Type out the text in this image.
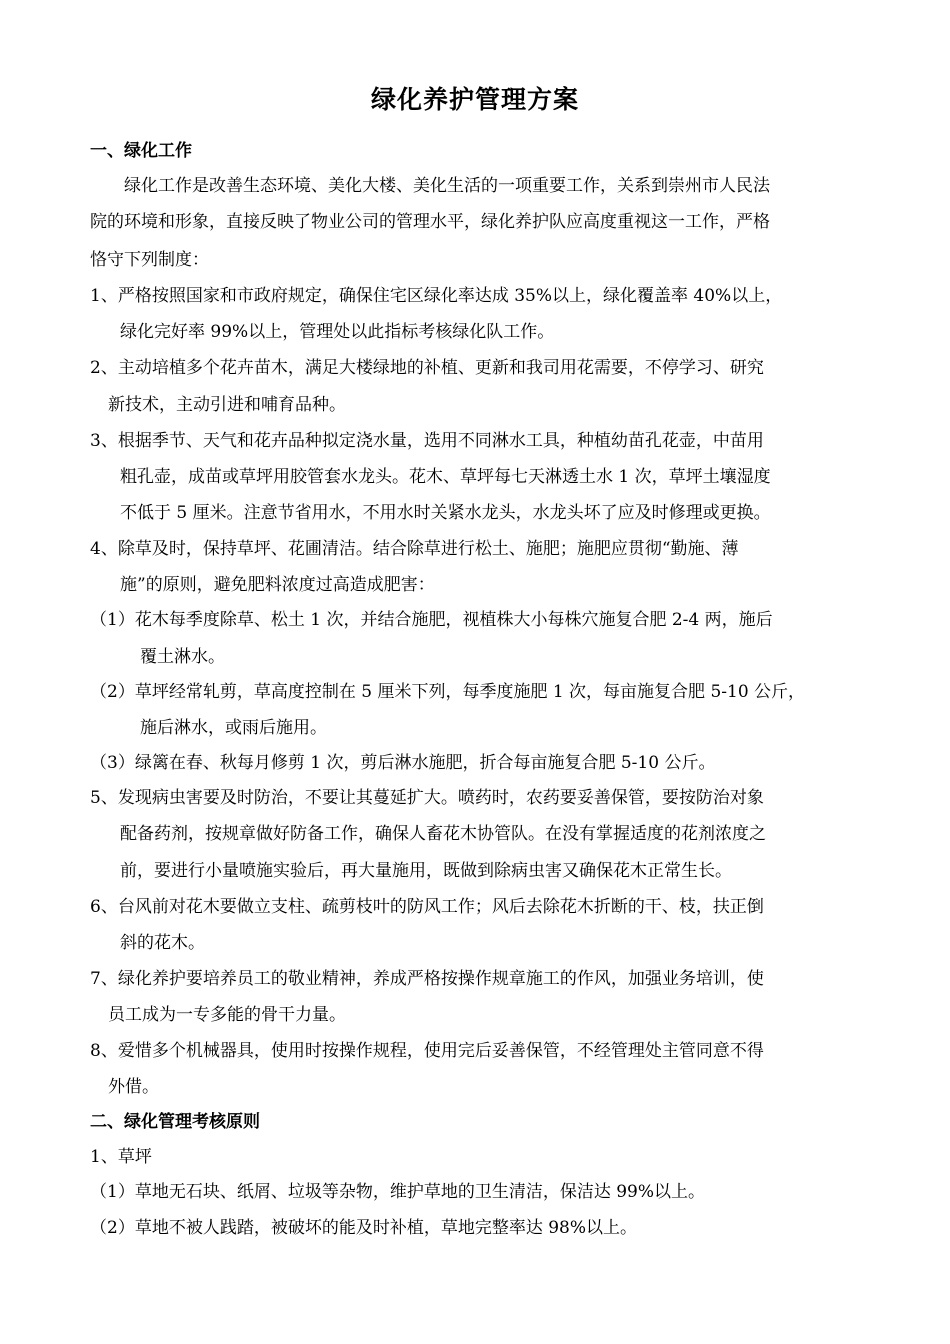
绿化养护管理方案
一、绿化工作
绿化工作是改善生态环境、美化大楼、美化生活的一项重要工作，关系到崇州市人民法
院的环境和形象，直接反映了物业公司的管理水平，绿化养护队应高度重视这一工作，严格
恪守下列制度：
1、严格按照国家和市政府规定，确保住宅区绿化率达成 35%以上，绿化覆盖率 40%以上，
绿化完好率 99%以上，管理处以此指标考核绿化队工作。
2、主动培植多个花卉苗木，满足大楼绿地的补植、更新和我司用花需要，不停学习、研究
新技术，主动引进和哺育品种。
3、根据季节、天气和花卉品种拟定浇水量，选用不同淋水工具，种植幼苗孔花壶，中苗用
粗孔壶，成苗或草坪用胶管套水龙头。花木、草坪每七天淋透土水 1 次，草坪土壤湿度
不低于 5 厘米。注意节省用水，不用水时关紧水龙头，水龙头坏了应及时修理或更换。
4、除草及时，保持草坪、花圃清洁。结合除草进行松土、施肥；施肥应贯彻“勤施、薄
施”的原则，避免肥料浓度过高造成肥害：
（1）花木每季度除草、松土 1 次，并结合施肥，视植株大小每株穴施复合肥 2-4 两，施后
覆土淋水。
（2）草坪经常轧剪，草高度控制在 5 厘米下列，每季度施肥 1 次，每亩施复合肥 5-10 公斤，
施后淋水，或雨后施用。
（3）绿篱在春、秋每月修剪 1 次，剪后淋水施肥，折合每亩施复合肥 5-10 公斤。
5、发现病虫害要及时防治，不要让其蔓延扩大。喷药时，农药要妥善保管，要按防治对象
配备药剂，按规章做好防备工作，确保人畜花木协管队。在没有掌握适度的花剂浓度之
前，要进行小量喷施实验后，再大量施用，既做到除病虫害又确保花木正常生长。
6、台风前对花木要做立支柱、疏剪枝叶的防风工作；风后去除花木折断的干、枝，扶正倒
斜的花木。
7、绿化养护要培养员工的敬业精神，养成严格按操作规章施工的作风，加强业务培训，使
员工成为一专多能的骨干力量。
8、爱惜多个机械器具，使用时按操作规程，使用完后妥善保管，不经管理处主管同意不得
外借。
二、绿化管理考核原则
1、草坪
（1）草地无石块、纸屑、垃圾等杂物，维护草地的卫生清洁，保洁达 99%以上。
（2）草地不被人践踏，被破坏的能及时补植，草地完整率达 98%以上。
